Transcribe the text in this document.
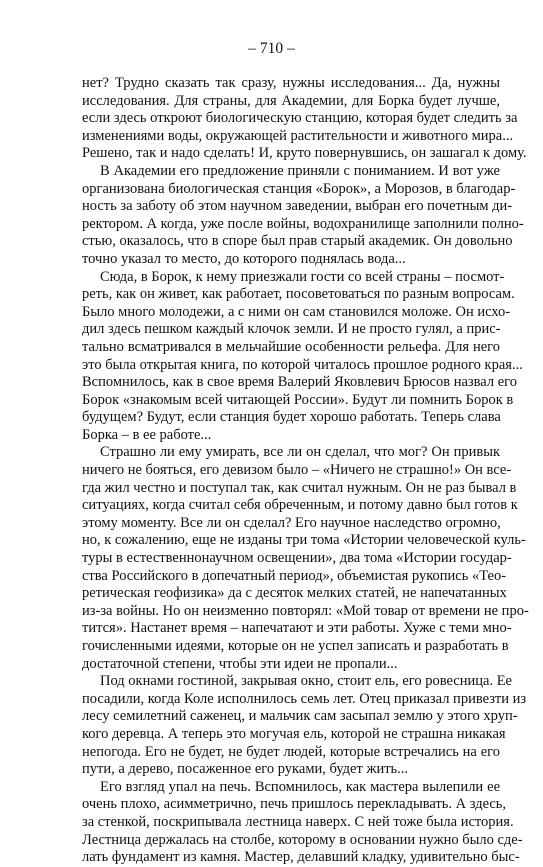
– 710 –
нет? Трудно сказать так сразу, нужны исследования... Да, нужны
исследования. Для страны, для Академии, для Борка будет лучше,
если здесь откроют биологическую станцию, которая будет следить за
изменениями воды, окружающей растительности и животного мира...
Решено, так и надо сделать! И, круто повернувшись, он зашагал к дому.
В Академии его предложение приняли с пониманием. И вот уже
организована биологическая станция «Борок», а Морозов, в благодар-
ность за заботу об этом научном заведении, выбран его почетным ди-
ректором. А когда, уже после войны, водохранилище заполнили полно-
стью, оказалось, что в споре был прав старый академик. Он довольно
точно указал то место, до которого поднялась вода...
Сюда, в Борок, к нему приезжали гости со всей страны – посмот-
реть, как он живет, как работает, посоветоваться по разным вопросам.
Было много молодежи, а с ними он сам становился моложе. Он исхо-
дил здесь пешком каждый клочок земли. И не просто гулял, а прис-
тально всматривался в мельчайшие особенности рельефа. Для него
это была открытая книга, по которой читалось прошлое родного края...
Вспомнилось, как в свое время Валерий Яковлевич Брюсов назвал его
Борок «знакомым всей читающей России». Будут ли помнить Борок в
будущем? Будут, если станция будет хорошо работать. Теперь слава
Борка – в ее работе...
Страшно ли ему умирать, все ли он сделал, что мог? Он привык
ничего не бояться, его девизом было – «Ничего не страшно!» Он все-
гда жил честно и поступал так, как считал нужным. Он не раз бывал в
ситуациях, когда считал себя обреченным, и потому давно был готов к
этому моменту. Все ли он сделал? Его научное наследство огромно,
но, к сожалению, еще не изданы три тома «Истории человеческой куль-
туры в естественнонаучном освещении», два тома «Истории государ-
ства Российского в допечатный период», объемистая рукопись «Тео-
ретическая геофизика» да с десяток мелких статей, не напечатанных
из-за войны. Но он неизменно повторял: «Мой товар от времени не про-
тится». Настанет время – напечатают и эти работы. Хуже с теми мно-
гочисленными идеями, которые он не успел записать и разработать в
достаточной степени, чтобы эти идеи не пропали...
Под окнами гостиной, закрывая окно, стоит ель, его ровесница. Ее
посадили, когда Коле исполнилось семь лет. Отец приказал привезти из
лесу семилетний саженец, и мальчик сам засыпал землю у этого хруп-
кого деревца. А теперь это могучая ель, которой не страшна никакая
непогода. Его не будет, не будет людей, которые встречались на его
пути, а дерево, посаженное его руками, будет жить...
Его взгляд упал на печь. Вспомнилось, как мастера вылепили ее
очень плохо, асимметрично, печь пришлось перекладывать. А здесь,
за стенкой, поскрипывала лестница наверх. С ней тоже была история.
Лестница держалась на столбе, которому в основании нужно было сде-
лать фундамент из камня. Мастер, делавший кладку, удивительно быс-
